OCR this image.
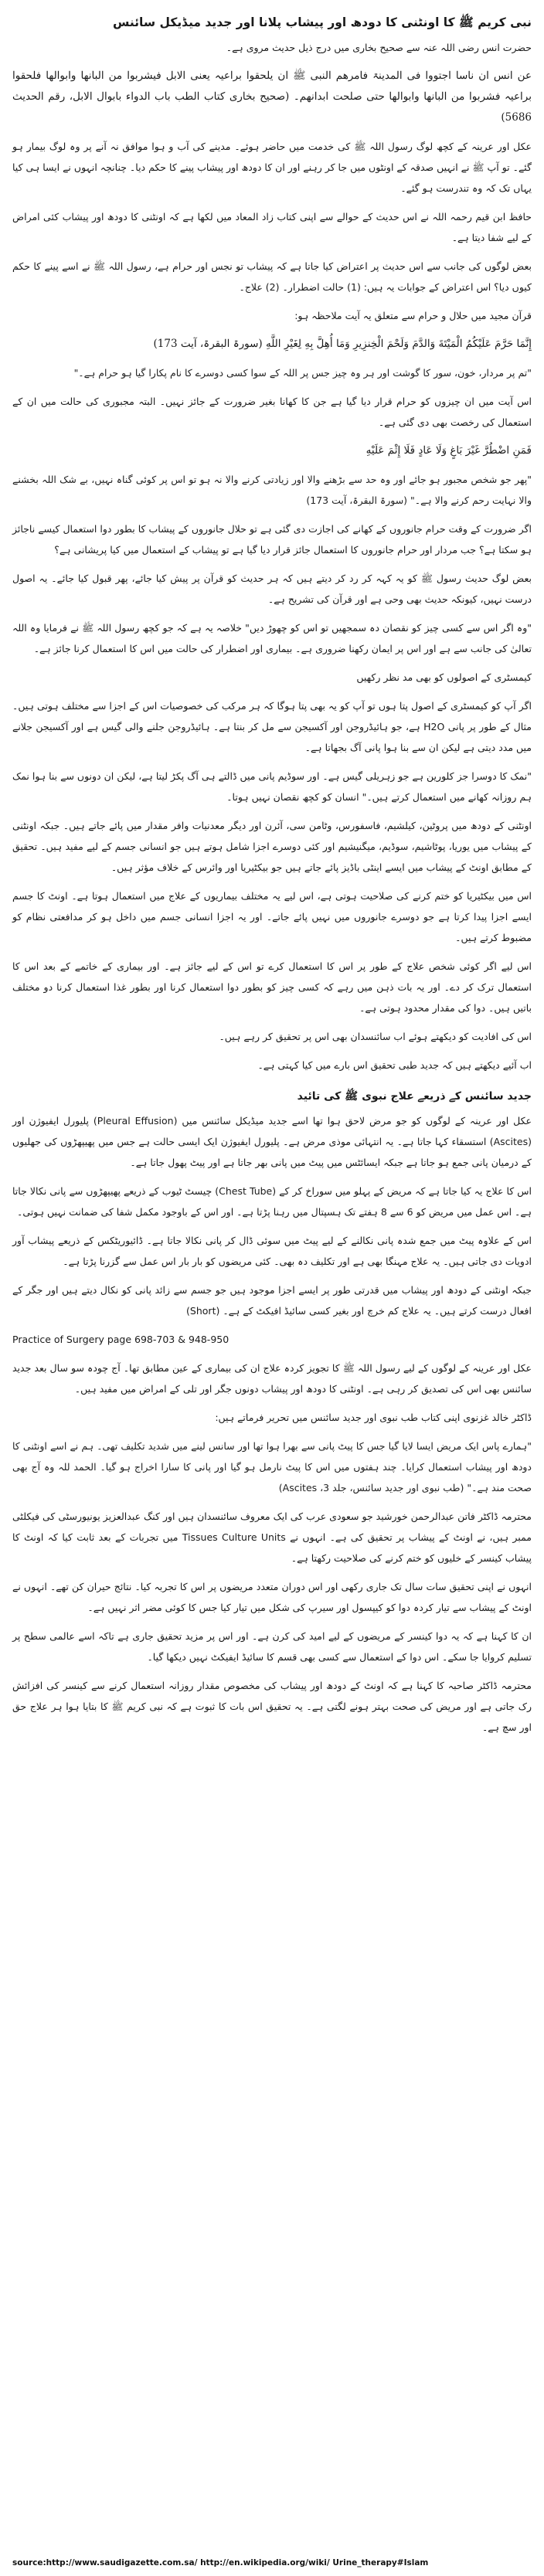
نبی کریم ﷺ کا اونٹنی کا دودھ اور پیشاب پلانا اور جدید میڈیکل سائنس

حضرت انس رضی اللہ عنہ سے صحیح بخاری میں درج ذیل حدیث مروی ہے۔

عن انس ان ناسا اجتووا فی المدینۃ فامرھم النبی ﷺ ان یلحقوا براعیہ یعنی الابل فیشربوا من البانھا وابوالھا فلحقوا براعیہ فشربوا من البانھا وابوالھا حتی صلحت ابدانھم۔ (صحیح بخاری کتاب الطب باب الدواء بابوال الابل، رقم الحدیث 5686)

عکل اور عرینہ کے کچھ لوگ رسول اللہ ﷺ کی خدمت میں حاضر ہوئے۔ مدینے کی آب و ہوا موافق نہ آنے پر وہ لوگ بیمار ہو گئے۔ تو آپ ﷺ نے انہیں صدقہ کے اونٹوں میں جا کر رہنے اور ان کا دودھ اور پیشاب پینے کا حکم دیا۔ چنانچہ انہوں نے ایسا ہی کیا یہاں تک کہ وہ تندرست ہو گئے۔

حافظ ابن قیم رحمہ اللہ نے اس حدیث کے حوالے سے اپنی کتاب زاد المعاد میں لکھا ہے کہ اونٹنی کا دودھ اور پیشاب کئی امراض کے لیے شفا دیتا ہے۔

بعض لوگوں کی جانب سے اس حدیث پر اعتراض کیا جاتا ہے کہ پیشاب تو نجس اور حرام ہے، رسول اللہ ﷺ نے اسے پینے کا حکم کیوں دیا؟ اس اعتراض کے جوابات یہ ہیں: (1) حالت اضطرار۔ (2) علاج۔

قرآن مجید میں حلال و حرام سے متعلق یہ آیت ملاحظہ ہو:

إِنَّمَا حَرَّمَ عَلَيْكُمُ الْمَيْتَةَ وَالدَّمَ وَلَحْمَ الْخِنزِيرِ وَمَا أُهِلَّ بِهِ لِغَيْرِ اللَّهِ (سورۃ البقرۃ، آیت 173)

"تم پر مردار، خون، سور کا گوشت اور ہر وہ چیز جس پر اللہ کے سوا کسی دوسرے کا نام پکارا گیا ہو حرام ہے۔"

اس آیت میں ان چیزوں کو حرام قرار دیا گیا ہے جن کا کھانا بغیر ضرورت کے جائز نہیں۔ البتہ مجبوری کی حالت میں ان کے استعمال کی رخصت بھی دی گئی ہے۔

فَمَنِ اضْطُرَّ غَيْرَ بَاغٍ وَلَا عَادٍ فَلَا إِثْمَ عَلَيْهِ

"پھر جو شخص مجبور ہو جائے اور وہ حد سے بڑھنے والا اور زیادتی کرنے والا نہ ہو تو اس پر کوئی گناہ نہیں، بے شک اللہ بخشنے والا نہایت رحم کرنے والا ہے۔" (سورۃ البقرۃ، آیت 173)

اگر ضرورت کے وقت حرام جانوروں کے کھانے کی اجازت دی گئی ہے تو حلال جانوروں کے پیشاب کا بطور دوا استعمال کیسے ناجائز ہو سکتا ہے؟ جب مردار اور حرام جانوروں کا استعمال جائز قرار دیا گیا ہے تو پیشاب کے استعمال میں کیا پریشانی ہے؟

بعض لوگ حدیث رسول ﷺ کو یہ کہہ کر رد کر دیتے ہیں کہ ہر حدیث کو قرآن پر پیش کیا جائے، پھر قبول کیا جائے۔ یہ اصول درست نہیں، کیونکہ حدیث بھی وحی ہے اور قرآن کی تشریح ہے۔

"وہ اگر اس سے کسی چیز کو نقصان دہ سمجھیں تو اس کو چھوڑ دیں" خلاصہ یہ ہے کہ جو کچھ رسول اللہ ﷺ نے فرمایا وہ اللہ تعالیٰ کی جانب سے ہے اور اس پر ایمان رکھنا ضروری ہے۔ بیماری اور اضطرار کی حالت میں اس کا استعمال کرنا جائز ہے۔

کیمسٹری کے اصولوں کو بھی مد نظر رکھیں

اگر آپ کو کیمسٹری کے اصول پتا ہوں تو آپ کو یہ بھی پتا ہوگا کہ ہر مرکب کی خصوصیات اس کے اجزا سے مختلف ہوتی ہیں۔ مثال کے طور پر پانی H2O ہے، جو ہائیڈروجن اور آکسیجن سے مل کر بنتا ہے۔ ہائیڈروجن جلنے والی گیس ہے اور آکسیجن جلانے میں مدد دیتی ہے لیکن ان سے بنا ہوا پانی آگ بجھاتا ہے۔

"نمک کا دوسرا جز کلورین ہے جو زہریلی گیس ہے۔ اور سوڈیم پانی میں ڈالتے ہی آگ پکڑ لیتا ہے، لیکن ان دونوں سے بنا ہوا نمک ہم روزانہ کھانے میں استعمال کرتے ہیں۔" انسان کو کچھ نقصان نہیں ہوتا۔

اونٹنی کے دودھ میں پروٹین، کیلشیم، فاسفورس، وٹامن سی، آئرن اور دیگر معدنیات وافر مقدار میں پائے جاتے ہیں۔ جبکہ اونٹنی کے پیشاب میں یوریا، پوٹاشیم، سوڈیم، میگنیشیم اور کئی دوسرے اجزا شامل ہوتے ہیں جو انسانی جسم کے لیے مفید ہیں۔ تحقیق کے مطابق اونٹ کے پیشاب میں ایسے اینٹی باڈیز پائے جاتے ہیں جو بیکٹیریا اور وائرس کے خلاف مؤثر ہیں۔

اس میں بیکٹیریا کو ختم کرنے کی صلاحیت ہوتی ہے، اس لیے یہ مختلف بیماریوں کے علاج میں استعمال ہوتا ہے۔ اونٹ کا جسم ایسے اجزا پیدا کرتا ہے جو دوسرے جانوروں میں نہیں پائے جاتے۔ اور یہ اجزا انسانی جسم میں داخل ہو کر مدافعتی نظام کو مضبوط کرتے ہیں۔

اس لیے اگر کوئی شخص علاج کے طور پر اس کا استعمال کرے تو اس کے لیے جائز ہے۔ اور بیماری کے خاتمے کے بعد اس کا استعمال ترک کر دے۔ اور یہ بات ذہن میں رہے کہ کسی چیز کو بطور دوا استعمال کرنا اور بطور غذا استعمال کرنا دو مختلف باتیں ہیں۔ دوا کی مقدار محدود ہوتی ہے۔

اس کی افادیت کو دیکھتے ہوئے اب سائنسدان بھی اس پر تحقیق کر رہے ہیں۔

اب آئیے دیکھتے ہیں کہ جدید طبی تحقیق اس بارے میں کیا کہتی ہے۔

جدید سائنس کے ذریعے علاج نبوی ﷺ کی تائید

عکل اور عرینہ کے لوگوں کو جو مرض لاحق ہوا تھا اسے جدید میڈیکل سائنس میں (Pleural Effusion) پلیورل ایفیوژن اور (Ascites) استسقاء کہا جاتا ہے۔ یہ انتہائی موذی مرض ہے۔ پلیورل ایفیوژن ایک ایسی حالت ہے جس میں پھیپھڑوں کی جھلیوں کے درمیان پانی جمع ہو جاتا ہے جبکہ ایسائٹس میں پیٹ میں پانی بھر جاتا ہے اور پیٹ پھول جاتا ہے۔

اس کا علاج یہ کیا جاتا ہے کہ مریض کے پہلو میں سوراخ کر کے (Chest Tube) چیسٹ ٹیوب کے ذریعے پھیپھڑوں سے پانی نکالا جاتا ہے۔ اس عمل میں مریض کو 6 سے 8 ہفتے تک ہسپتال میں رہنا پڑتا ہے۔ اور اس کے باوجود مکمل شفا کی ضمانت نہیں ہوتی۔

اس کے علاوہ پیٹ میں جمع شدہ پانی نکالنے کے لیے پیٹ میں سوئی ڈال کر پانی نکالا جاتا ہے۔ ڈائیوریٹکس کے ذریعے پیشاب آور ادویات دی جاتی ہیں۔ یہ علاج مہنگا بھی ہے اور تکلیف دہ بھی۔ کئی مریضوں کو بار بار اس عمل سے گزرنا پڑتا ہے۔

جبکہ اونٹنی کے دودھ اور پیشاب میں قدرتی طور پر ایسے اجزا موجود ہیں جو جسم سے زائد پانی کو نکال دیتے ہیں اور جگر کے افعال درست کرتے ہیں۔ یہ علاج کم خرچ اور بغیر کسی سائیڈ افیکٹ کے ہے۔ (Short)

Practice of Surgery page 698-703 & 948-950

عکل اور عرینہ کے لوگوں کے لیے رسول اللہ ﷺ کا تجویز کردہ علاج ان کی بیماری کے عین مطابق تھا۔ آج چودہ سو سال بعد جدید سائنس بھی اس کی تصدیق کر رہی ہے۔ اونٹنی کا دودھ اور پیشاب دونوں جگر اور تلی کے امراض میں مفید ہیں۔

ڈاکٹر خالد غزنوی اپنی کتاب طب نبوی اور جدید سائنس میں تحریر فرماتے ہیں:

"ہمارے پاس ایک مریض ایسا لایا گیا جس کا پیٹ پانی سے بھرا ہوا تھا اور سانس لینے میں شدید تکلیف تھی۔ ہم نے اسے اونٹنی کا دودھ اور پیشاب استعمال کرایا۔ چند ہفتوں میں اس کا پیٹ نارمل ہو گیا اور پانی کا سارا اخراج ہو گیا۔ الحمد للہ وہ آج بھی صحت مند ہے۔" (طب نبوی اور جدید سائنس، جلد 3، Ascites)

محترمہ ڈاکٹر فاتن عبدالرحمن خورشید جو سعودی عرب کی ایک معروف سائنسدان ہیں اور کنگ عبدالعزیز یونیورسٹی کی فیکلٹی ممبر ہیں، نے اونٹ کے پیشاب پر تحقیق کی ہے۔ انہوں نے Tissues Culture Units میں تجربات کے بعد ثابت کیا کہ اونٹ کا پیشاب کینسر کے خلیوں کو ختم کرنے کی صلاحیت رکھتا ہے۔

انہوں نے اپنی تحقیق سات سال تک جاری رکھی اور اس دوران متعدد مریضوں پر اس کا تجربہ کیا۔ نتائج حیران کن تھے۔ انہوں نے اونٹ کے پیشاب سے تیار کردہ دوا کو کیپسول اور سیرپ کی شکل میں تیار کیا جس کا کوئی مضر اثر نہیں ہے۔

ان کا کہنا ہے کہ یہ دوا کینسر کے مریضوں کے لیے امید کی کرن ہے۔ اور اس پر مزید تحقیق جاری ہے تاکہ اسے عالمی سطح پر تسلیم کروایا جا سکے۔ اس دوا کے استعمال سے کسی بھی قسم کا سائیڈ ایفیکٹ نہیں دیکھا گیا۔

محترمہ ڈاکٹر صاحبہ کا کہنا ہے کہ اونٹ کے دودھ اور پیشاب کی مخصوص مقدار روزانہ استعمال کرنے سے کینسر کی افزائش رک جاتی ہے اور مریض کی صحت بہتر ہونے لگتی ہے۔ یہ تحقیق اس بات کا ثبوت ہے کہ نبی کریم ﷺ کا بتایا ہوا ہر علاج حق اور سچ ہے۔

source:http://www.saudigazette.com.sa/ http://en.wikipedia.org/wiki/ Urine_therapy#Islam
